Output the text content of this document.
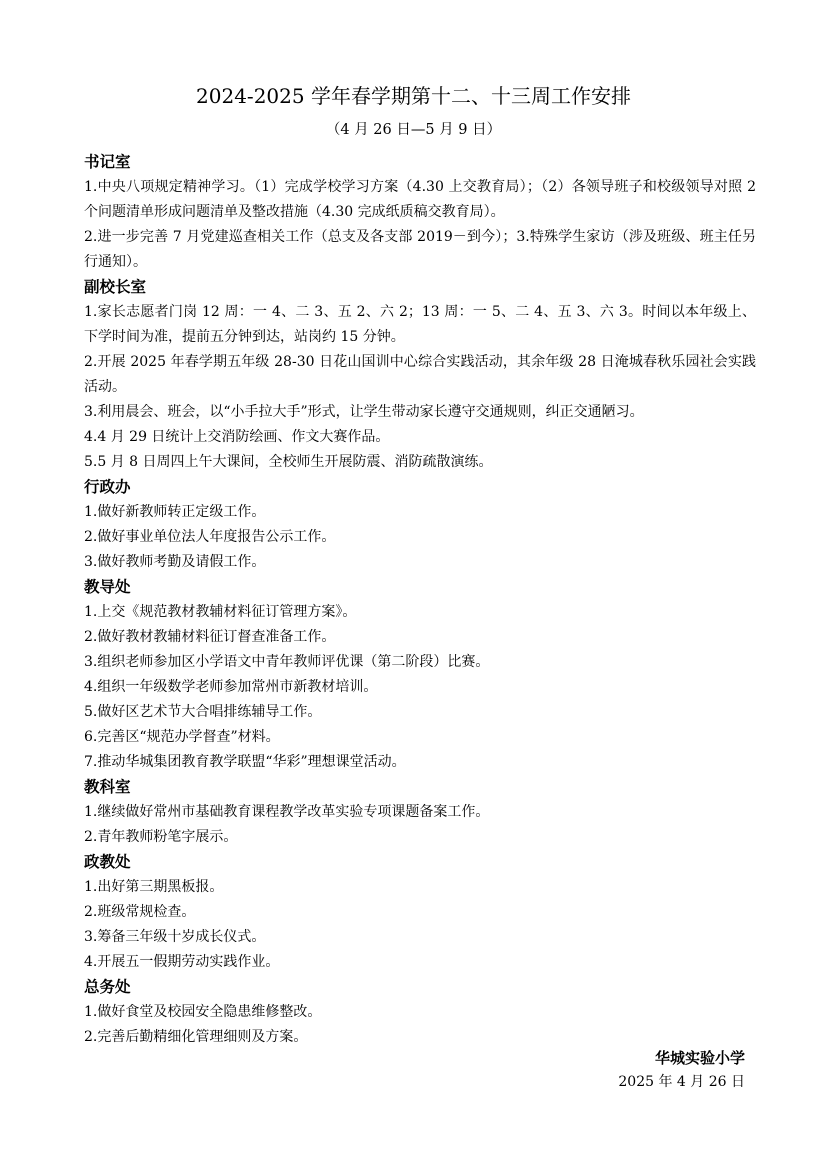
2024-2025 学年春学期第十二、十三周工作安排
（4 月 26 日—5 月 9 日）
书记室
1.中央八项规定精神学习。（1）完成学校学习方案（4.30 上交教育局）；（2）各领导班子和校级领导对照 2 个问题清单形成问题清单及整改措施（4.30 完成纸质稿交教育局）。
2.进一步完善 7 月党建巡查相关工作（总支及各支部 2019－到今）；3.特殊学生家访（涉及班级、班主任另行通知）。
副校长室
1.家长志愿者门岗 12 周：一 4、二 3、五 2、六 2；13 周：一 5、二 4、五 3、六 3。时间以本年级上、下学时间为准，提前五分钟到达，站岗约 15 分钟。
2.开展 2025 年春学期五年级 28-30 日花山国训中心综合实践活动，其余年级 28 日淹城春秋乐园社会实践活动。
3.利用晨会、班会，以“小手拉大手”形式，让学生带动家长遵守交通规则，纠正交通陋习。
4.4 月 29 日统计上交消防绘画、作文大赛作品。
5.5 月 8 日周四上午大课间，全校师生开展防震、消防疏散演练。
行政办
1.做好新教师转正定级工作。
2.做好事业单位法人年度报告公示工作。
3.做好教师考勤及请假工作。
教导处
1.上交《规范教材教辅材料征订管理方案》。
2.做好教材教辅材料征订督查准备工作。
3.组织老师参加区小学语文中青年教师评优课（第二阶段）比赛。
4.组织一年级数学老师参加常州市新教材培训。
5.做好区艺术节大合唱排练辅导工作。
6.完善区“规范办学督查”材料。
7.推动华城集团教育教学联盟“华彩”理想课堂活动。
教科室
1.继续做好常州市基础教育课程教学改革实验专项课题备案工作。
2.青年教师粉笔字展示。
政教处
1.出好第三期黑板报。
2.班级常规检查。
3.筹备三年级十岁成长仪式。
4.开展五一假期劳动实践作业。
总务处
1.做好食堂及校园安全隐患维修整改。
2.完善后勤精细化管理细则及方案。
华城实验小学
2025 年 4 月 26 日
